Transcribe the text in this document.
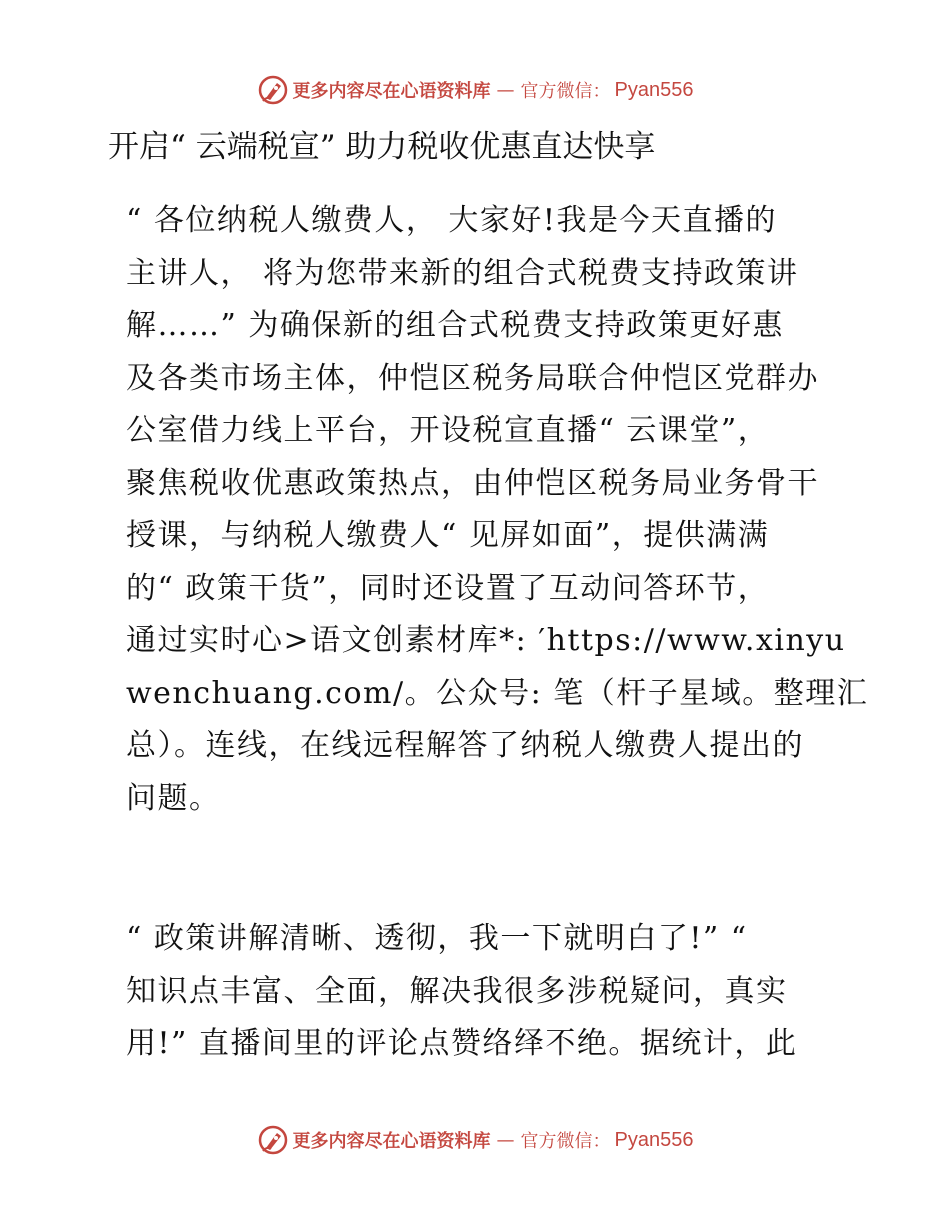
更多内容尽在心语资料库 — 官方微信： Pyan556
开启“ 云端税宣” 助力税收优惠直达快享
“ 各位纳税人缴费人， 大家好!我是今天直播的
主讲人， 将为您带来新的组合式税费支持政策讲
解……” 为确保新的组合式税费支持政策更好惠
及各类市场主体，仲恺区税务局联合仲恺区党群办
公室借力线上平台，开设税宣直播“ 云课堂”，
聚焦税收优惠政策热点，由仲恺区税务局业务骨干
授课，与纳税人缴费人“ 见屏如面”，提供满满
的“ 政策干货”，同时还设置了互动问答环节，
通过实时心>语文创素材库*: ′https://www.xinyu
wenchuang.com/。公众号: 笔（杆子星域。整理汇
总）。连线，在线远程解答了纳税人缴费人提出的
问题。
“ 政策讲解清晰、透彻，我一下就明白了!” “
知识点丰富、全面，解决我很多涉税疑问，真实
用!” 直播间里的评论点赞络绎不绝。据统计，此
更多内容尽在心语资料库 — 官方微信： Pyan556
